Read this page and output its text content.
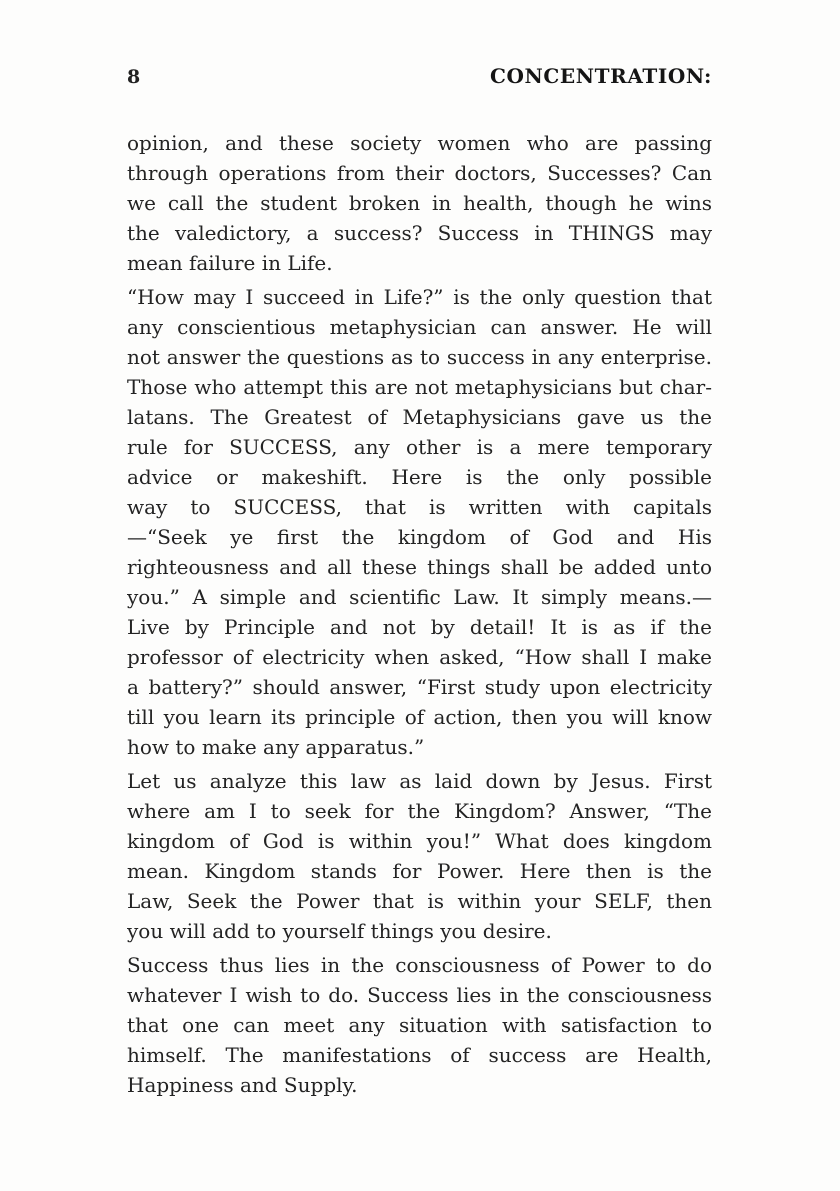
8	CONCENTRATION:
opinion, and these society women who are passing
through operations from their doctors, Successes? Can
we call the student broken in health, though he wins
the valedictory, a success? Success in THINGS may
mean failure in Life.
“How may I succeed in Life?” is the only question that
any conscientious metaphysician can answer. He will
not answer the questions as to success in any enterprise.
Those who attempt this are not metaphysicians but char-
latans. The Greatest of Metaphysicians gave us the
rule for SUCCESS, any other is a mere temporary
advice or makeshift. Here is the only possible
way to SUCCESS, that is written with capitals
—“Seek ye first the kingdom of God and His
righteousness and all these things shall be added unto
you.” A simple and scientific Law. It simply means.—
Live by Principle and not by detail! It is as if the
professor of electricity when asked, “How shall I make
a battery?” should answer, “First study upon electricity
till you learn its principle of action, then you will know
how to make any apparatus.”
Let us analyze this law as laid down by Jesus. First
where am I to seek for the Kingdom? Answer, “The
kingdom of God is within you!” What does kingdom
mean. Kingdom stands for Power. Here then is the
Law, Seek the Power that is within your SELF, then
you will add to yourself things you desire.
Success thus lies in the consciousness of Power to do
whatever I wish to do. Success lies in the consciousness
that one can meet any situation with satisfaction to
himself. The manifestations of success are Health,
Happiness and Supply.
